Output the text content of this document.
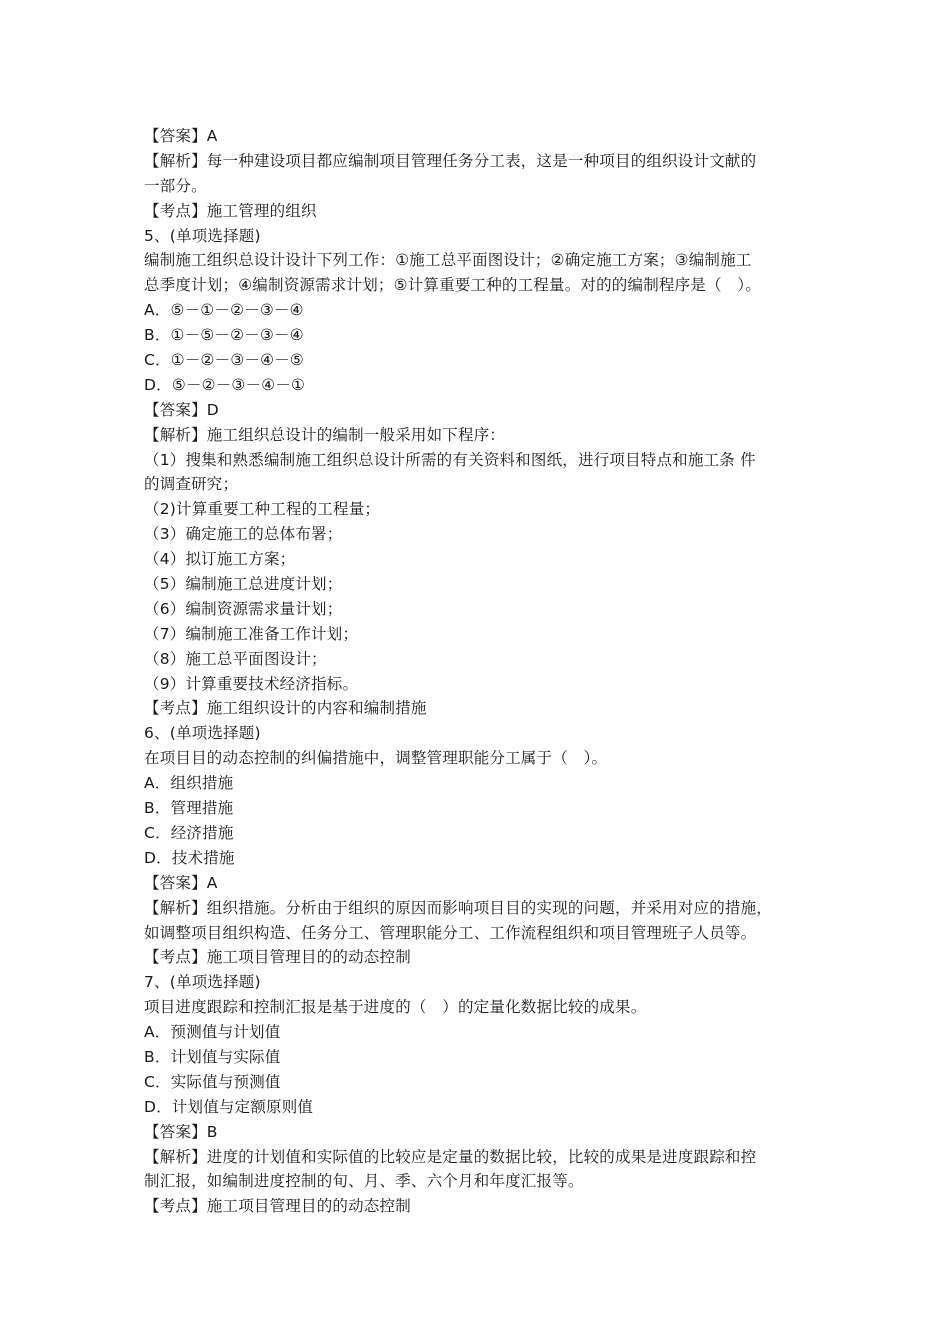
【答案】A
【解析】每一种建设项目都应编制项目管理任务分工表，这是一种项目的组织设计文献的
一部分。
【考点】施工管理的组织
5、(单项选择题)
编制施工组织总设计设计下列工作：①施工总平面图设计；②确定施工方案；③编制施工
总季度计划；④编制资源需求计划；⑤计算重要工种的工程量。对的的编制程序是（　）。
A．⑤－①－②－③－④
B．①－⑤－②－③－④
C．①－②－③－④－⑤
D．⑤－②－③－④－①
【答案】D
【解析】施工组织总设计的编制一般采用如下程序：
（1）搜集和熟悉编制施工组织总设计所需的有关资料和图纸，进行项目特点和施工条 件
的调查研究；
（2)计算重要工种工程的工程量；
（3）确定施工的总体布署；
（4）拟订施工方案；
（5）编制施工总进度计划；
（6）编制资源需求量计划；
（7）编制施工准备工作计划；
（8）施工总平面图设计；
（9）计算重要技术经济指标。
【考点】施工组织设计的内容和编制措施
6、(单项选择题)
在项目目的动态控制的纠偏措施中，调整管理职能分工属于（　）。
A．组织措施
B．管理措施
C．经济措施
D．技术措施
【答案】A
【解析】组织措施。分析由于组织的原因而影响项目目的实现的问题，并采用对应的措施，
如调整项目组织构造、任务分工、管理职能分工、工作流程组织和项目管理班子人员等。
【考点】施工项目管理目的的动态控制
7、(单项选择题)
项目进度跟踪和控制汇报是基于进度的（　）的定量化数据比较的成果。
A．预测值与计划值
B．计划值与实际值
C．实际值与预测值
D．计划值与定额原则值
【答案】B
【解析】进度的计划值和实际值的比较应是定量的数据比较，比较的成果是进度跟踪和控
制汇报，如编制进度控制的旬、月、季、六个月和年度汇报等。
【考点】施工项目管理目的的动态控制
